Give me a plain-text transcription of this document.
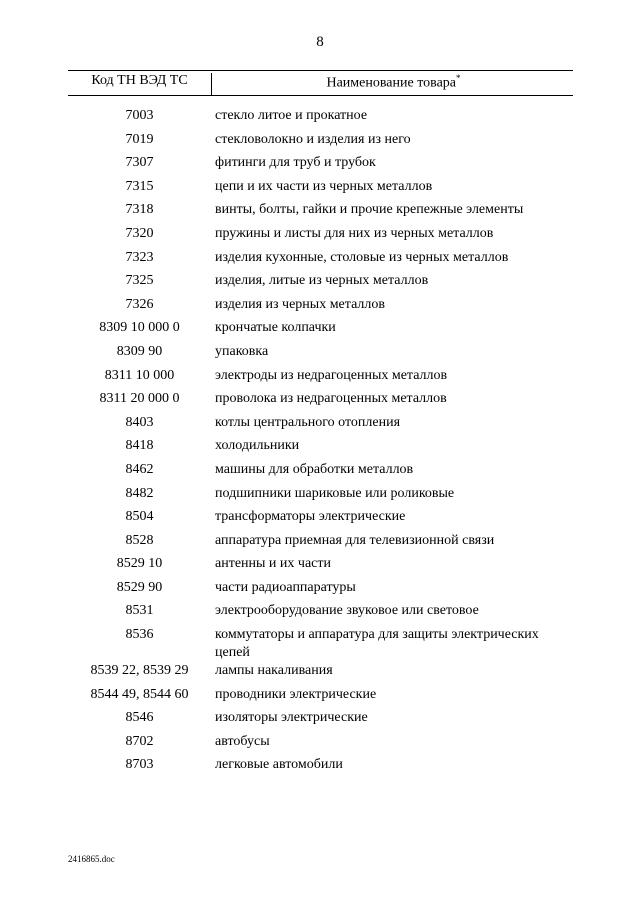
8
Код ТН ВЭД ТС	Наименование товара*
7003	стекло литое и прокатное
7019	стекловолокно и изделия из него
7307	фитинги для труб и трубок
7315	цепи и их части из черных металлов
7318	винты, болты, гайки и прочие крепежные элементы
7320	пружины и листы для них из черных металлов
7323	изделия кухонные, столовые из черных металлов
7325	изделия, литые из черных металлов
7326	изделия из черных металлов
8309 10 000 0	крончатые колпачки
8309 90	упаковка
8311 10 000	электроды из недрагоценных металлов
8311 20 000 0	проволока из недрагоценных металлов
8403	котлы центрального отопления
8418	холодильники
8462	машины для обработки металлов
8482	подшипники шариковые или роликовые
8504	трансформаторы электрические
8528	аппаратура приемная для телевизионной связи
8529 10	антенны и их части
8529 90	части радиоаппаратуры
8531	электрооборудование звуковое или световое
8536	коммутаторы и аппаратура для защиты электрических цепей
8539 22, 8539 29	лампы накаливания
8544 49, 8544 60	проводники электрические
8546	изоляторы электрические
8702	автобусы
8703	легковые автомобили
2416865.doc
